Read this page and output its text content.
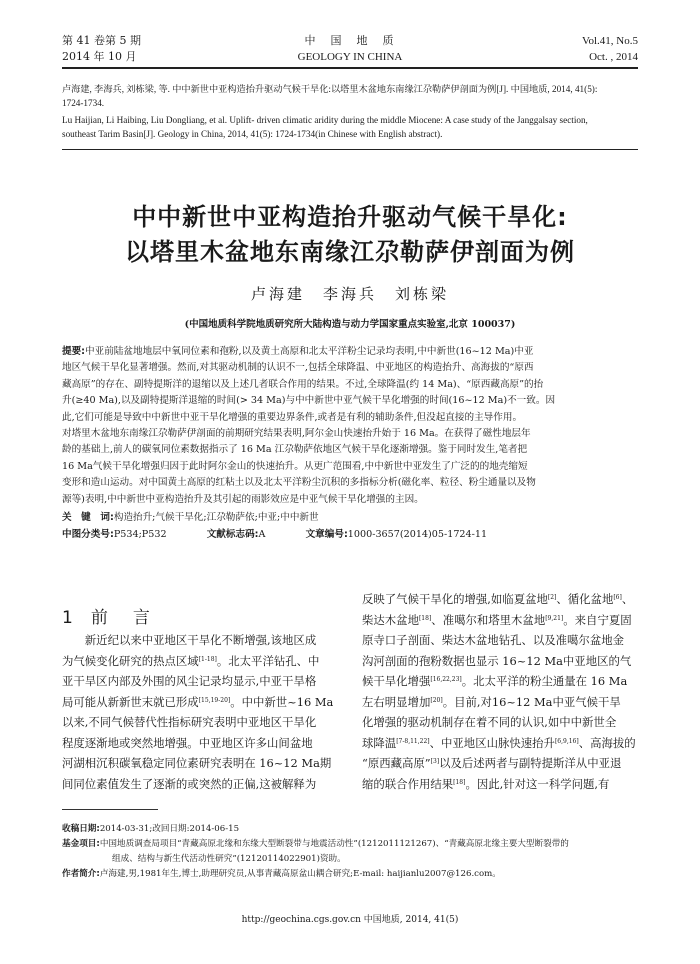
第 41 卷第 5 期
2014 年 10 月
中　国　地　质
GEOLOGY IN CHINA
Vol.41, No.5
Oct. , 2014
卢海建, 李海兵, 刘栋梁, 等. 中中新世中亚构造抬升驱动气候干旱化:以塔里木盆地东南缘江尕勒萨伊剖面为例[J]. 中国地质, 2014, 41(5):
1724-1734.
Lu Haijian, Li Haibing, Liu Dongliang, et al. Uplift- driven climatic aridity during the middle Miocene: A case study of the Janggalsay section,
southeast Tarim Basin[J]. Geology in China, 2014, 41(5): 1724-1734(in Chinese with English abstract).
中中新世中亚构造抬升驱动气候干旱化:
以塔里木盆地东南缘江尕勒萨伊剖面为例
卢海建　李海兵　刘栋梁
(中国地质科学院地质研究所大陆构造与动力学国家重点实验室,北京 100037)
提要:中亚前陆盆地地层中氧同位素和孢粉,以及黄土高原和北太平洋粉尘记录均表明,中中新世(16~12 Ma)中亚
地区气候干旱化显著增强。然而,对其驱动机制的认识不一,包括全球降温、中亚地区的构造抬升、高海拔的“原西
藏高原”的存在、副特提斯洋的退缩以及上述几者联合作用的结果。不过,全球降温(约 14 Ma)、“原西藏高原”的抬
升(≥40 Ma),以及副特提斯洋退缩的时间(> 34 Ma)与中中新世中亚气候干旱化增强的时间(16~12 Ma)不一致。因
此,它们可能是导致中中新世中亚干旱化增强的重要边界条件,或者是有利的辅助条件,但没起直接的主导作用。
对塔里木盆地东南缘江尕勒萨伊剖面的前期研究结果表明,阿尔金山快速抬升始于 16 Ma。在获得了磁性地层年
龄的基础上,前人的碳氧同位素数据指示了 16 Ma 江尕勒萨依地区气候干旱化逐渐增强。鉴于同时发生,笔者把
16 Ma气候干旱化增强归因于此时阿尔金山的快速抬升。从更广范围看,中中新世中亚发生了广泛的的地壳缩短
变形和造山运动。对中国黄土高原的红粘土以及北太平洋粉尘沉积的多指标分析(磁化率、粒径、粉尘通量以及物
源等)表明,中中新世中亚构造抬升及其引起的雨影效应是中亚气候干旱化增强的主因。
关　键　词:构造抬升;气候干旱化;江尕勒萨依;中亚;中中新世
中图分类号:P534;P532	文献标志码:A	文章编号:1000-3657(2014)05-1724-11
1 前　言
　　新近纪以来中亚地区干旱化不断增强,该地区成
为气候变化研究的热点区域[1-18]。北太平洋钻孔、中
亚干旱区内部及外围的风尘记录均显示,中亚干旱格
局可能从新新世末就已形成[15,19-20]。中中新世~16 Ma
以来,不同气候替代性指标研究表明中亚地区干旱化
程度逐渐地或突然地增强。中亚地区许多山间盆地
河湖相沉积碳氧稳定同位素研究表明在 16~12 Ma期
间同位素值发生了逐渐的或突然的正偏,这被解释为
反映了气候干旱化的增强,如临夏盆地[2]、循化盆地[6]、
柴达木盆地[18]、准噶尔和塔里木盆地[9,21]。来自宁夏固
原寺口子剖面、柴达木盆地钻孔、以及准噶尔盆地金
沟河剖面的孢粉数据也显示 16~12 Ma中亚地区的气
候干旱化增强[16,22,23]。北太平洋的粉尘通量在 16 Ma
左右明显增加[20]。目前,对16~12 Ma中亚气候干旱
化增强的驱动机制存在着不同的认识,如中中新世全
球降温[7-8,11,22]、中亚地区山脉快速抬升[6,9,16]、高海拔的
“原西藏高原”[3]以及后述两者与副特提斯洋从中亚退
缩的联合作用结果[18]。因此,针对这一科学问题,有
收稿日期:2014-03-31;改回日期:2014-06-15
基金项目:中国地质调查局项目“青藏高原北缘和东缘大型断裂带与地震活动性”(1212011121267)、“青藏高原北缘主要大型断裂带的
组成、结构与新生代活动性研究”(12120114022901)资助。
作者简介:卢海建,男,1981年生,博士,助理研究员,从事青藏高原盆山耦合研究;E-mail: haijianlu2007@126.com。
http://geochina.cgs.gov.cn 中国地质, 2014, 41(5)
